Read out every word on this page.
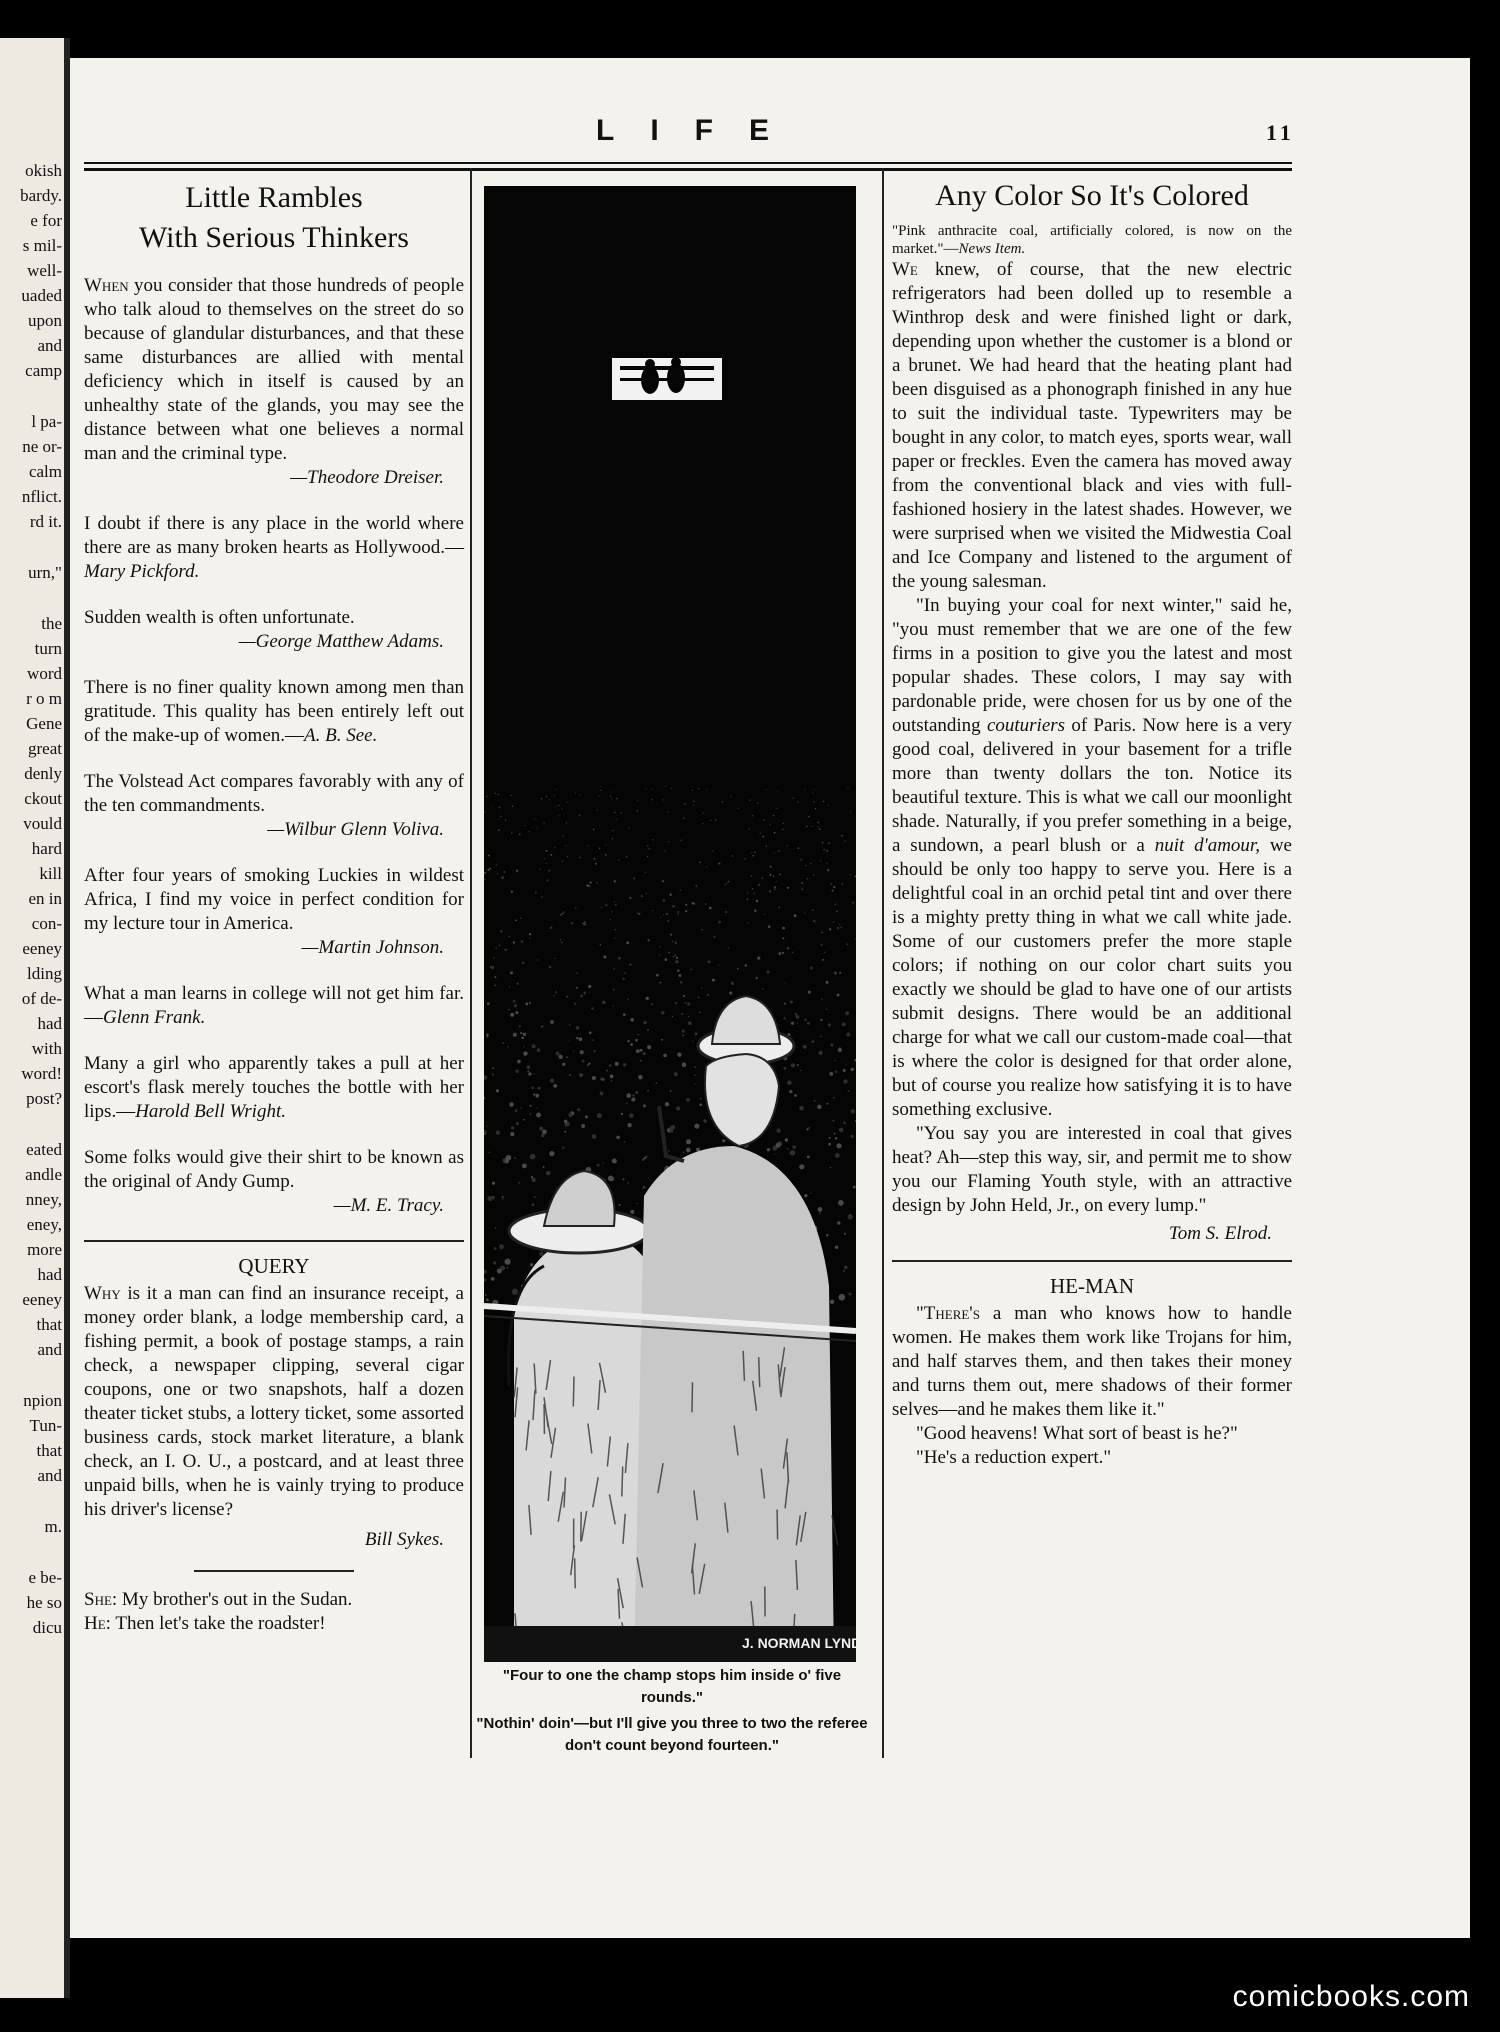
okish
bardy.
e for
s mil-
well-
uaded
upon
and
camp
l pa-
ne or-
calm
nflict.
rd it.
urn,"
the
turn
word
r o m
Gene
great
denly
ckout
vould
hard
kill
en in
con-
eeney
lding
of de-
had
with
word!
post?
eated
andle
nney,
eney,
more
had
eeney
that
and
npion
Tun-
that
and
m.
e be-
he so
dicu
LIFE	11
Little Rambles
With Serious Thinkers

When you consider that those hundreds of people who talk aloud to themselves on the street do so because of glandular disturbances, and that these same disturbances are allied with mental deficiency which in itself is caused by an unhealthy state of the glands, you may see the distance between what one believes a normal man and the criminal type.

—Theodore Dreiser.

I doubt if there is any place in the world where there are as many broken hearts as Hollywood.—Mary Pickford.

Sudden wealth is often unfortunate.

—George Matthew Adams.

There is no finer quality known among men than gratitude. This quality has been entirely left out of the make-up of women.—A. B. See.

The Volstead Act compares favorably with any of the ten commandments.

—Wilbur Glenn Voliva.

After four years of smoking Luckies in wildest Africa, I find my voice in perfect condition for my lecture tour in America.

—Martin Johnson.

What a man learns in college will not get him far.—Glenn Frank.

Many a girl who apparently takes a pull at her escort's flask merely touches the bottle with her lips.—Harold Bell Wright.

Some folks would give their shirt to be known as the original of Andy Gump.

—M. E. Tracy.

QUERY

Why is it a man can find an insurance receipt, a money order blank, a lodge membership card, a fishing permit, a book of postage stamps, a rain check, a newspaper clipping, several cigar coupons, one or two snapshots, half a dozen theater ticket stubs, a lottery ticket, some assorted business cards, stock market literature, a blank check, an I. O. U., a postcard, and at least three unpaid bills, when he is vainly trying to produce his driver's license?

Bill Sykes.

She: My brother's out in the Sudan.

He: Then let's take the roadster!

J. NORMAN LYND.
"Four to one the champ stops him inside o' five rounds."
"Nothin' doin'—but I'll give you three to two the referee don't count beyond fourteen."
Any Color So It's Colored

"Pink anthracite coal, artificially colored, is now on the market."—News Item.

We knew, of course, that the new electric refrigerators had been dolled up to resemble a Winthrop desk and were finished light or dark, depending upon whether the customer is a blond or a brunet. We had heard that the heating plant had been disguised as a phonograph finished in any hue to suit the individual taste. Typewriters may be bought in any color, to match eyes, sports wear, wall paper or freckles. Even the camera has moved away from the conventional black and vies with full-fashioned hosiery in the latest shades. However, we were surprised when we visited the Midwestia Coal and Ice Company and listened to the argument of the young salesman.

"In buying your coal for next winter," said he, "you must remember that we are one of the few firms in a position to give you the latest and most popular shades. These colors, I may say with pardonable pride, were chosen for us by one of the outstanding couturiers of Paris. Now here is a very good coal, delivered in your basement for a trifle more than twenty dollars the ton. Notice its beautiful texture. This is what we call our moonlight shade. Naturally, if you prefer something in a beige, a sundown, a pearl blush or a nuit d'amour, we should be only too happy to serve you. Here is a delightful coal in an orchid petal tint and over there is a mighty pretty thing in what we call white jade. Some of our customers prefer the more staple colors; if nothing on our color chart suits you exactly we should be glad to have one of our artists submit designs. There would be an additional charge for what we call our custom-made coal—that is where the color is designed for that order alone, but of course you realize how satisfying it is to have something exclusive.

"You say you are interested in coal that gives heat? Ah—step this way, sir, and permit me to show you our Flaming Youth style, with an attractive design by John Held, Jr., on every lump."

Tom S. Elrod.

HE-MAN

"There's a man who knows how to handle women. He makes them work like Trojans for him, and half starves them, and then takes their money and turns them out, mere shadows of their former selves—and he makes them like it."

"Good heavens! What sort of beast is he?"

"He's a reduction expert."

comicbooks.com
